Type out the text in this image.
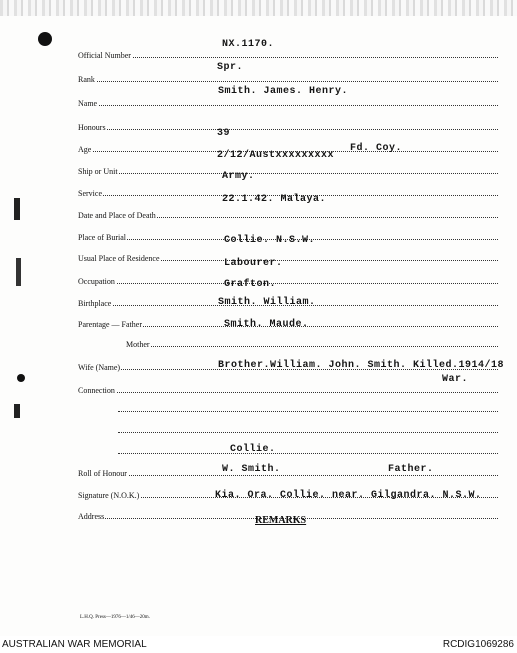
Official Number
NX.1170.
Rank
Spr.
Name
Smith. James. Henry.
Honours
Age
39
Ship or Unit
2/12/Austxxxxxxxxx
Fd. Coy.
Service
Army.
Date and Place of Death
22.1.42. Malaya.
Place of Burial
Usual Place of Residence
Collie. N.S.W.
Occupation
Labourer.
Birthplace
Grafton.
Parentage — Father
Smith. William.
Mother
Smith. Maude.
Wife (Name)
Connection
Brother.William. John. Smith. Killed.1914/18
War.
Roll of Honour
Collie.
Signature (N.O.K.)
W. Smith.	Father.
Address
Kia. Ora. Collie. near. Gilgandra. N.S.W.
REMARKS
L.H.Q. Press—1976—1/46—20m.
AUSTRALIAN WAR MEMORIAL	RCDIG1069286
